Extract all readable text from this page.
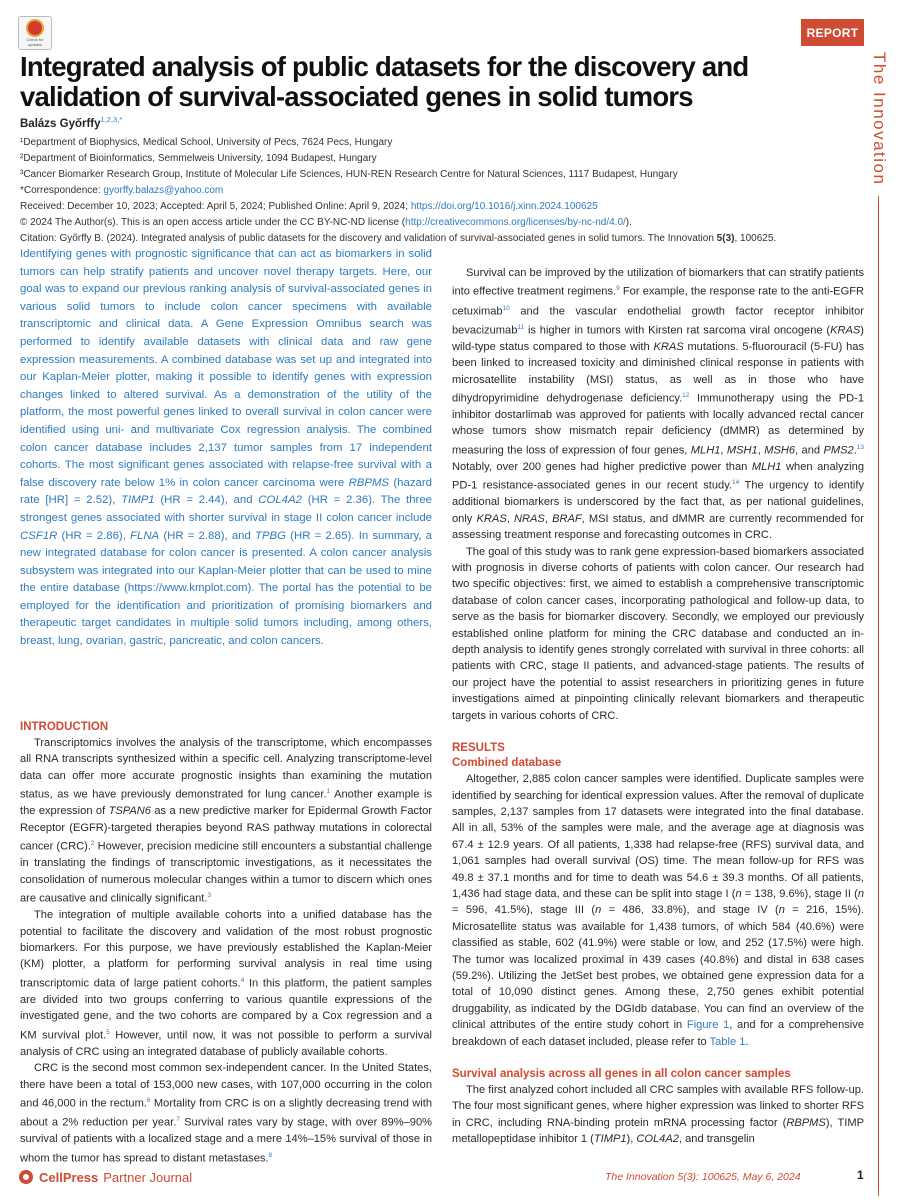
Check for updates
REPORT
The Innovation
Integrated analysis of public datasets for the discovery and validation of survival-associated genes in solid tumors
Balázs Győrffy$^{1,2,3,*}$
¹Department of Biophysics, Medical School, University of Pecs, 7624 Pecs, Hungary
²Department of Bioinformatics, Semmelweis University, 1094 Budapest, Hungary
³Cancer Biomarker Research Group, Institute of Molecular Life Sciences, HUN-REN Research Centre for Natural Sciences, 1117 Budapest, Hungary
*Correspondence: gyorffy.balazs@yahoo.com
Received: December 10, 2023; Accepted: April 5, 2024; Published Online: April 9, 2024; https://doi.org/10.1016/j.xinn.2024.100625
© 2024 The Author(s). This is an open access article under the CC BY-NC-ND license (http://creativecommons.org/licenses/by-nc-nd/4.0/).
Citation: Győrffy B. (2024). Integrated analysis of public datasets for the discovery and validation of survival-associated genes in solid tumors. The Innovation 5(3), 100625.

Identifying genes with prognostic significance that can act as biomarkers in solid tumors can help stratify patients and uncover novel therapy targets. Here, our goal was to expand our previous ranking analysis of survival-associated genes in various solid tumors to include colon cancer specimens with available transcriptomic and clinical data. A Gene Expression Omnibus search was performed to identify available datasets with clinical data and raw gene expression measurements. A combined database was set up and integrated into our Kaplan-Meier plotter, making it possible to identify genes with expression changes linked to altered survival. As a demonstration of the utility of the platform, the most powerful genes linked to overall survival in colon cancer were identified using uni- and multivariate Cox regression analysis. The combined colon cancer database includes 2,137 tumor samples from 17 independent cohorts. The most significant genes associated with relapse-free survival with a false discovery rate below 1% in colon cancer carcinoma were RBPMS (hazard rate [HR] = 2.52), TIMP1 (HR = 2.44), and COL4A2 (HR = 2.36). The three strongest genes associated with shorter survival in stage II colon cancer include CSF1R (HR = 2.86), FLNA (HR = 2.88), and TPBG (HR = 2.65). In summary, a new integrated database for colon cancer is presented. A colon cancer analysis subsystem was integrated into our Kaplan-Meier plotter that can be used to mine the entire database (https://www.kmplot.com). The portal has the potential to be employed for the identification and prioritization of promising biomarkers and therapeutic target candidates in multiple solid tumors including, among others, breast, lung, ovarian, gastric, pancreatic, and colon cancers.

INTRODUCTION

Transcriptomics involves the analysis of the transcriptome, which encompasses all RNA transcripts synthesized within a specific cell. Analyzing transcriptome-level data can offer more accurate prognostic insights than examining the mutation status, as we have previously demonstrated for lung cancer.$^1$ Another example is the expression of TSPAN6 as a new predictive marker for Epidermal Growth Factor Receptor (EGFR)-targeted therapies beyond RAS pathway mutations in colorectal cancer (CRC).$^2$ However, precision medicine still encounters a substantial challenge in translating the findings of transcriptomic investigations, as it necessitates the consolidation of numerous molecular changes within a tumor to discern which ones are causative and clinically significant.$^3$

The integration of multiple available cohorts into a unified database has the potential to facilitate the discovery and validation of the most robust prognostic biomarkers. For this purpose, we have previously established the Kaplan-Meier (KM) plotter, a platform for performing survival analysis in real time using transcriptomic data of large patient cohorts.$^4$ In this platform, the patient samples are divided into two groups conferring to various quantile expressions of the investigated gene, and the two cohorts are compared by a Cox regression and a KM survival plot.$^5$ However, until now, it was not possible to perform a survival analysis of CRC using an integrated database of publicly available cohorts.

CRC is the second most common sex-independent cancer. In the United States, there have been a total of 153,000 new cases, with 107,000 occurring in the colon and 46,000 in the rectum.$^6$ Mortality from CRC is on a slightly decreasing trend with about a 2% reduction per year.$^7$ Survival rates vary by stage, with over 89%–90% survival of patients with a localized stage and a mere 14%–15% survival of those in whom the tumor has spread to distant metastases.$^8$

Survival can be improved by the utilization of biomarkers that can stratify patients into effective treatment regimens.$^9$ For example, the response rate to the anti-EGFR cetuximab$^{10}$ and the vascular endothelial growth factor receptor inhibitor bevacizumab$^{11}$ is higher in tumors with Kirsten rat sarcoma viral oncogene (KRAS) wild-type status compared to those with KRAS mutations. 5-fluorouracil (5-FU) has been linked to increased toxicity and diminished clinical response in patients with microsatellite instability (MSI) status, as well as in those who have dihydropyrimidine dehydrogenase deficiency.$^{12}$ Immunotherapy using the PD-1 inhibitor dostarlimab was approved for patients with locally advanced rectal cancer whose tumors show mismatch repair deficiency (dMMR) as determined by measuring the loss of expression of four genes, MLH1, MSH1, MSH6, and PMS2.13 Notably, over 200 genes had higher predictive power than MLH1 when analyzing PD-1 resistance-associated genes in our recent study.$^{14}$ The urgency to identify additional biomarkers is underscored by the fact that, as per national guidelines, only KRAS, NRAS, BRAF, MSI status, and dMMR are currently recommended for assessing treatment response and forecasting outcomes in CRC.

The goal of this study was to rank gene expression-based biomarkers associated with prognosis in diverse cohorts of patients with colon cancer. Our research had two specific objectives: first, we aimed to establish a comprehensive transcriptomic database of colon cancer cases, incorporating pathological and follow-up data, to serve as the basis for biomarker discovery. Secondly, we employed our previously established online platform for mining the CRC database and conducted an in-depth analysis to identify genes strongly correlated with survival in three cohorts: all patients with CRC, stage II patients, and advanced-stage patients. The results of our project have the potential to assist researchers in prioritizing genes in future investigations aimed at pinpointing clinically relevant biomarkers and therapeutic targets in various cohorts of CRC.

RESULTS
Combined database

Altogether, 2,885 colon cancer samples were identified. Duplicate samples were identified by searching for identical expression values. After the removal of duplicate samples, 2,137 samples from 17 datasets were integrated into the final database. All in all, 53% of the samples were male, and the average age at diagnosis was 67.4 ± 12.9 years. Of all patients, 1,338 had relapse-free (RFS) survival data, and 1,061 samples had overall survival (OS) time. The mean follow-up for RFS was 49.8 ± 37.1 months and for time to death was 54.6 ± 39.3 months. Of all patients, 1,436 had stage data, and these can be split into stage I (n = 138, 9.6%), stage II (n = 596, 41.5%), stage III (n = 486, 33.8%), and stage IV (n = 216, 15%). Microsatellite status was available for 1,438 tumors, of which 584 (40.6%) were classified as stable, 602 (41.9%) were stable or low, and 252 (17.5%) were high. The tumor was localized proximal in 439 cases (40.8%) and distal in 638 cases (59.2%). Utilizing the JetSet best probes, we obtained gene expression data for a total of 10,090 distinct genes. Among these, 2,750 genes exhibit potential druggability, as indicated by the DGIdb database. You can find an overview of the clinical attributes of the entire study cohort in Figure 1, and for a comprehensive breakdown of each dataset included, please refer to Table 1.

Survival analysis across all genes in all colon cancer samples

The first analyzed cohort included all CRC samples with available RFS follow-up. The four most significant genes, where higher expression was linked to shorter RFS in CRC, including RNA-binding protein mRNA processing factor (RBPMS), TIMP metallopeptidase inhibitor 1 (TIMP1), COL4A2, and transgelin

CellPress Partner Journal	The Innovation 5(3): 100625, May 6, 2024	1
